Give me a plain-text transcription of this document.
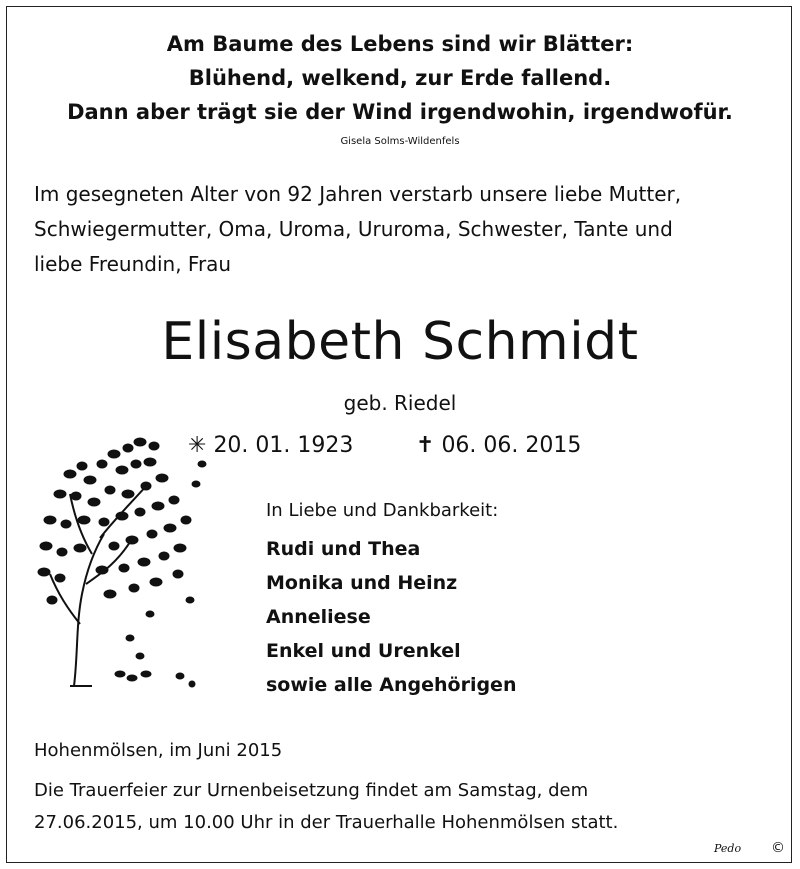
Am Baume des Lebens sind wir Blätter:
Blühend, welkend, zur Erde fallend.
Dann aber trägt sie der Wind irgendwohin, irgendwofür.
Gisela Solms-Wildenfels
Im gesegneten Alter von 92 Jahren verstarb unsere liebe Mutter,
Schwiegermutter, Oma, Uroma, Ururoma, Schwester, Tante und
liebe Freundin, Frau
Elisabeth Schmidt
geb. Riedel
✳ 20. 01. 1923	✝ 06. 06. 2015
In Liebe und Dankbarkeit:
Rudi und Thea
Monika und Heinz
Anneliese
Enkel und Urenkel
sowie alle Angehörigen
Hohenmölsen, im Juni 2015
Die Trauerfeier zur Urnenbeisetzung findet am Samstag, dem
27.06.2015, um 10.00 Uhr in der Trauerhalle Hohenmölsen statt.
Pedo ©
